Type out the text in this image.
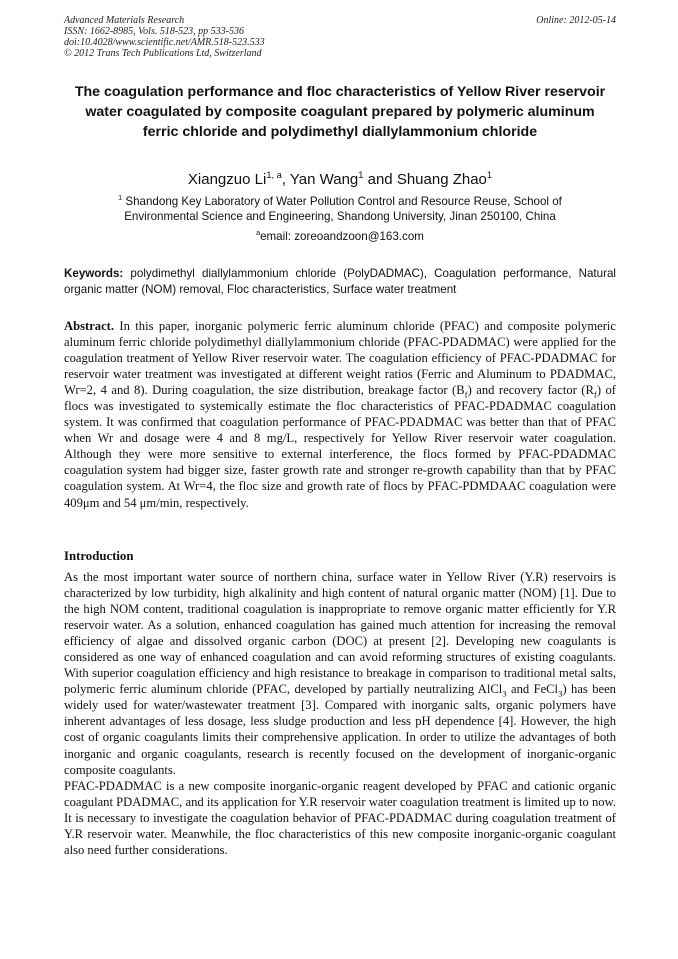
Advanced Materials Research
ISSN: 1662-8985, Vols. 518-523, pp 533-536
doi:10.4028/www.scientific.net/AMR.518-523.533
© 2012 Trans Tech Publications Ltd, Switzerland
Online: 2012-05-14
The coagulation performance and floc characteristics of Yellow River reservoir water coagulated by composite coagulant prepared by polymeric aluminum ferric chloride and polydimethyl diallylammonium chloride
Xiangzuo Li$^{1, a}$, Yan Wang$^1$ and Shuang Zhao$^1$
$^1$ Shandong Key Laboratory of Water Pollution Control and Resource Reuse, School of Environmental Science and Engineering, Shandong University, Jinan 250100, China
$^a$email: zoreoandzoon@163.com
Keywords: polydimethyl diallylammonium chloride (PolyDADMAC), Coagulation performance, Natural organic matter (NOM) removal, Floc characteristics, Surface water treatment
Abstract. In this paper, inorganic polymeric ferric aluminum chloride (PFAC) and composite polymeric aluminum ferric chloride polydimethyl diallylammonium chloride (PFAC-PDADMAC) were applied for the coagulation treatment of Yellow River reservoir water. The coagulation efficiency of PFAC-PDADMAC for reservoir water treatment was investigated at different weight ratios (Ferric and Aluminum to PDADMAC, Wr=2, 4 and 8). During coagulation, the size distribution, breakage factor $(B_f)$ and recovery factor $(R_f)$ of flocs was investigated to systemically estimate the floc characteristics of PFAC-PDADMAC coagulation system. It was confirmed that coagulation performance of PFAC-PDADMAC was better than that of PFAC when Wr and dosage were 4 and 8 mg/L, respectively for Yellow River reservoir water coagulation. Although they were more sensitive to external interference, the flocs formed by PFAC-PDADMAC coagulation system had bigger size, faster growth rate and stronger re-growth capability than that by PFAC coagulation system. At Wr=4, the floc size and growth rate of flocs by PFAC-PDMDAAC coagulation were 409μm and 54 μm/min, respectively.
Introduction

As the most important water source of northern china, surface water in Yellow River (Y.R) reservoirs is characterized by low turbidity, high alkalinity and high content of natural organic matter (NOM) [1]. Due to the high NOM content, traditional coagulation is inappropriate to remove organic matter efficiently for Y.R reservoir water. As a solution, enhanced coagulation has gained much attention for increasing the removal efficiency of algae and dissolved organic carbon (DOC) at present [2]. Developing new coagulants is considered as one way of enhanced coagulation and can avoid reforming structures of existing coagulants. With superior coagulation efficiency and high resistance to breakage in comparison to traditional metal salts, polymeric ferric aluminum chloride (PFAC, developed by partially neutralizing AlCl$_3$ and FeCl$_3$) has been widely used for water/wastewater treatment [3]. Compared with inorganic salts, organic polymers have inherent advantages of less dosage, less sludge production and less pH dependence [4]. However, the high cost of organic coagulants limits their comprehensive application. In order to utilize the advantages of both inorganic and organic coagulants, research is recently focused on the development of inorganic-organic composite coagulants.

PFAC-PDADMAC is a new composite inorganic-organic reagent developed by PFAC and cationic organic coagulant PDADMAC, and its application for Y.R reservoir water coagulation treatment is limited up to now. It is necessary to investigate the coagulation behavior of PFAC-PDADMAC during coagulation treatment of Y.R reservoir water. Meanwhile, the floc characteristics of this new composite inorganic-organic coagulant also need further considerations.
